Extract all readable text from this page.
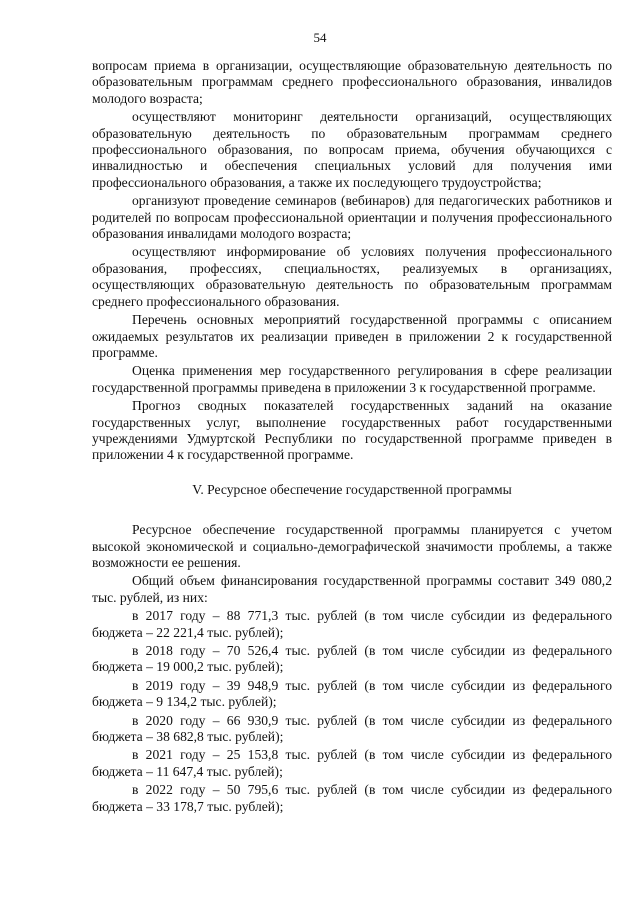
54

вопросам приема в организации, осуществляющие образовательную деятельность по образовательным программам среднего профессионального образования, инвалидов молодого возраста;

осуществляют мониторинг деятельности организаций, осуществляющих образовательную деятельность по образовательным программам среднего профессионального образования, по вопросам приема, обучения обучающихся с инвалидностью и обеспечения специальных условий для получения ими профессионального образования, а также их последующего трудоустройства;

организуют проведение семинаров (вебинаров) для педагогических работников и родителей по вопросам профессиональной ориентации и получения профессионального образования инвалидами молодого возраста;

осуществляют информирование об условиях получения профессионального образования, профессиях, специальностях, реализуемых в организациях, осуществляющих образовательную деятельность по образовательным программам среднего профессионального образования.

Перечень основных мероприятий государственной программы с описанием ожидаемых результатов их реализации приведен в приложении 2 к государственной программе.

Оценка применения мер государственного регулирования в сфере реализации государственной программы приведена в приложении 3 к государственной программе.

Прогноз сводных показателей государственных заданий на оказание государственных услуг, выполнение государственных работ государственными учреждениями Удмуртской Республики по государственной программе приведен в приложении 4 к государственной программе.

V. Ресурсное обеспечение государственной программы

Ресурсное обеспечение государственной программы планируется с учетом высокой экономической и социально-демографической значимости проблемы, а также возможности ее решения.

Общий объем финансирования государственной программы составит 349 080,2 тыс. рублей, из них:

в 2017 году – 88 771,3 тыс. рублей (в том числе субсидии из федерального бюджета – 22 221,4 тыс. рублей);

в 2018 году – 70 526,4 тыс. рублей (в том числе субсидии из федерального бюджета – 19 000,2 тыс. рублей);

в 2019 году – 39 948,9 тыс. рублей (в том числе субсидии из федерального бюджета – 9 134,2 тыс. рублей);

в 2020 году – 66 930,9 тыс. рублей (в том числе субсидии из федерального бюджета – 38 682,8 тыс. рублей);

в 2021 году – 25 153,8 тыс. рублей (в том числе субсидии из федерального бюджета – 11 647,4 тыс. рублей);

в 2022 году – 50 795,6 тыс. рублей (в том числе субсидии из федерального бюджета – 33 178,7 тыс. рублей);
